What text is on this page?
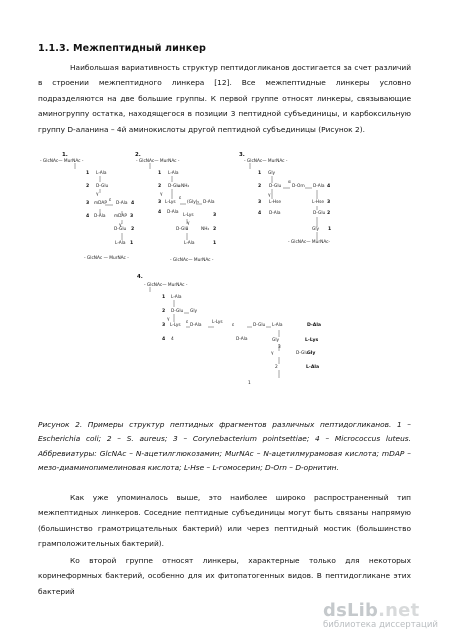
1.1.3. Межпептидный линкер

Наибольшая вариативность структур пептидогликанов достигается за счет различий в строении межпептидного линкера [12]. Все межпептидные линкеры условно подразделяются на две большие группы. К первой группе относят линкеры, связывающие аминогруппу остатка, находящегося в позиции 3 пептидной субъединицы, и карбоксильную группу D-аланина – 4й аминокислоты другой пептидной субъединицы (Рисунок 2).

1.
- GlcNAc— MurNAc -
1 L-Ala
2 D-Glu
γ
3 mDAP
ε
D-Ala 4
4 D-Ala mDAP 3
γ
D-Glu 2
L-Ala 1
- GlcNAc — MurNAc -
2.
- GlcNAc— MurNAc -
1 L-Ala
2 D-Glu NH₂
γ
3 L-Lys
ε
(Gly)₅ D-Ala
4 D-Ala
L-Lys	3
γ
D-Glu	NH₂ 2
L-Ala	1
- GlcNAc— MurNAc -
3.
- GlcNAc— MurNAc -
1 Gly
2 D-Glu
α
D-Orn D-Ala 4
γ
3 L-Hse	L-Hse 3
4 D-Ala	D-Glu 2
Gly 1
- GlcNAc— MurNAc-
4.
- GlcNAc— MurNAc -
1 L-Ala
2 D-Glu Gly
γ
3 L-Lys
ε
D-Ala
L-Lys
ε	D-Glu L-Ala	D-Ala
4 4	D-Ala	Gly	L-Lys
3
γ	D-Glu
Gly
2	L-Ala
1

Рисунок 2. Примеры структур пептидных фрагментов различных пептидогликанов. 1 – Escherichia coli; 2 – S. aureus; 3 – Corynebacterium pointsettiae; 4 – Micrococcus luteus. Аббревиатуры: GlcNAc – N-ацетилглюкозамин; MurNAc – N-ацетилмурамовая кислота; mDAP – мезо-диаминопимелиновая кислота; L-Hse – L-гомосерин; D-Orn – D-орнитин.

Как уже упоминалось выше, это наиболее широко распространенный тип межпептидных линкеров. Соседние пептидные субъединицы могут быть связаны напрямую (большинство грамотрицательных бактерий) или через пептидный мостик (большинство грамположительных бактерий).

Ко второй группе относят линкеры, характерные только для некоторых коринеформных бактерий, особенно для их фитопатогенных видов. В пептидогликане этих бактерий

dsLib.net
библиотека диссертаций
